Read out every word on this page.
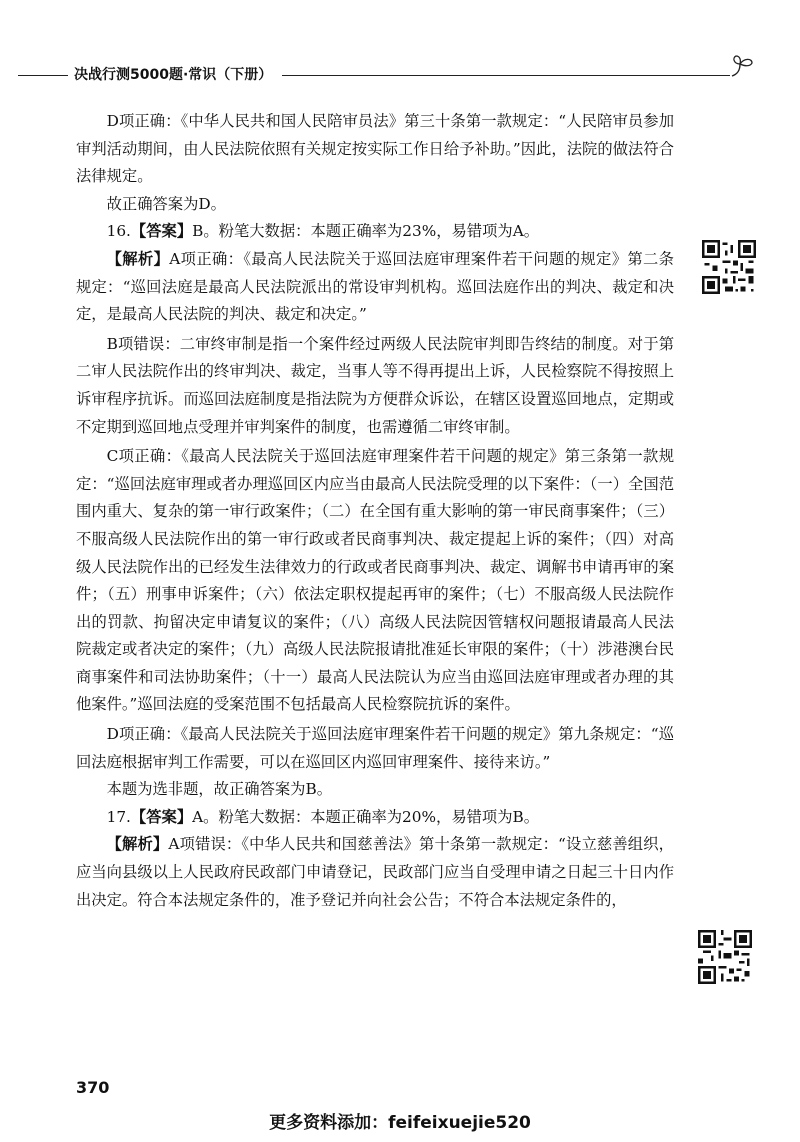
决战行测5000题·常识（下册）

D项正确：《中华人民共和国人民陪审员法》第三十条第一款规定：“人民陪审员参加审判活动期间，由人民法院依照有关规定按实际工作日给予补助。”因此，法院的做法符合法律规定。

故正确答案为D。

16.【答案】B。粉笔大数据：本题正确率为23%，易错项为A。

【解析】A项正确：《最高人民法院关于巡回法庭审理案件若干问题的规定》第二条规定：“巡回法庭是最高人民法院派出的常设审判机构。巡回法庭作出的判决、裁定和决定，是最高人民法院的判决、裁定和决定。”

B项错误：二审终审制是指一个案件经过两级人民法院审判即告终结的制度。对于第二审人民法院作出的终审判决、裁定，当事人等不得再提出上诉，人民检察院不得按照上诉审程序抗诉。而巡回法庭制度是指法院为方便群众诉讼，在辖区设置巡回地点，定期或不定期到巡回地点受理并审判案件的制度，也需遵循二审终审制。

C项正确：《最高人民法院关于巡回法庭审理案件若干问题的规定》第三条第一款规定：“巡回法庭审理或者办理巡回区内应当由最高人民法院受理的以下案件：（一）全国范围内重大、复杂的第一审行政案件；（二）在全国有重大影响的第一审民商事案件；（三）不服高级人民法院作出的第一审行政或者民商事判决、裁定提起上诉的案件；（四）对高级人民法院作出的已经发生法律效力的行政或者民商事判决、裁定、调解书申请再审的案件；（五）刑事申诉案件；（六）依法定职权提起再审的案件；（七）不服高级人民法院作出的罚款、拘留决定申请复议的案件；（八）高级人民法院因管辖权问题报请最高人民法院裁定或者决定的案件；（九）高级人民法院报请批准延长审限的案件；（十）涉港澳台民商事案件和司法协助案件；（十一）最高人民法院认为应当由巡回法庭审理或者办理的其他案件。”巡回法庭的受案范围不包括最高人民检察院抗诉的案件。

D项正确：《最高人民法院关于巡回法庭审理案件若干问题的规定》第九条规定：“巡回法庭根据审判工作需要，可以在巡回区内巡回审理案件、接待来访。”

本题为选非题，故正确答案为B。

17.【答案】A。粉笔大数据：本题正确率为20%，易错项为B。

【解析】A项错误：《中华人民共和国慈善法》第十条第一款规定：“设立慈善组织，应当向县级以上人民政府民政部门申请登记，民政部门应当自受理申请之日起三十日内作出决定。符合本法规定条件的，准予登记并向社会公告；不符合本法规定条件的，

370
更多资料添加：feifeixuejie520
